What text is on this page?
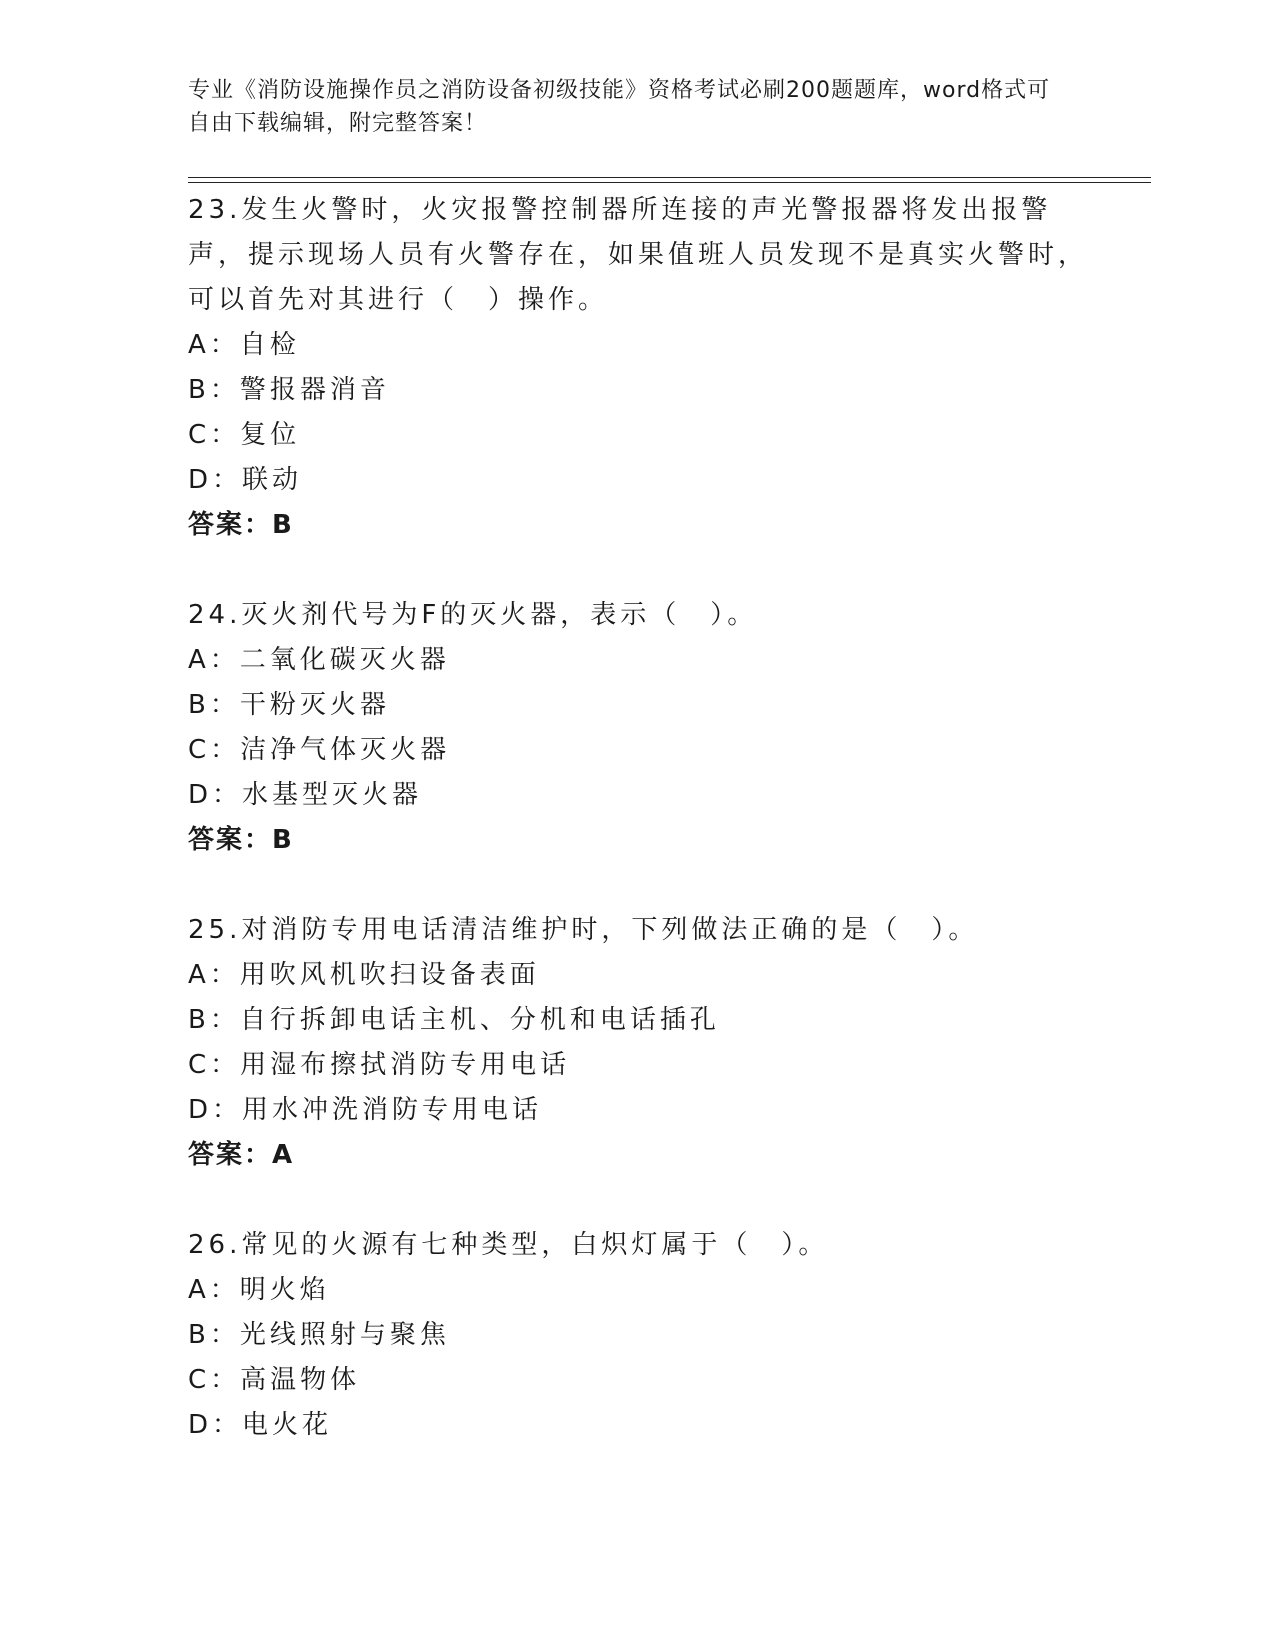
专业《消防设施操作员之消防设备初级技能》资格考试必刷200题题库，word格式可自由下载编辑，附完整答案！
23.发生火警时，火灾报警控制器所连接的声光警报器将发出报警声，提示现场人员有火警存在，如果值班人员发现不是真实火警时，可以首先对其进行（　）操作。
A：自检
B：警报器消音
C：复位
D：联动
答案：B
24.灭火剂代号为F的灭火器，表示（　）。
A：二氧化碳灭火器
B：干粉灭火器
C：洁净气体灭火器
D：水基型灭火器
答案：B
25.对消防专用电话清洁维护时，下列做法正确的是（　）。
A：用吹风机吹扫设备表面
B：自行拆卸电话主机、分机和电话插孔
C：用湿布擦拭消防专用电话
D：用水冲洗消防专用电话
答案：A
26.常见的火源有七种类型，白炽灯属于（　）。
A：明火焰
B：光线照射与聚焦
C：高温物体
D：电火花
